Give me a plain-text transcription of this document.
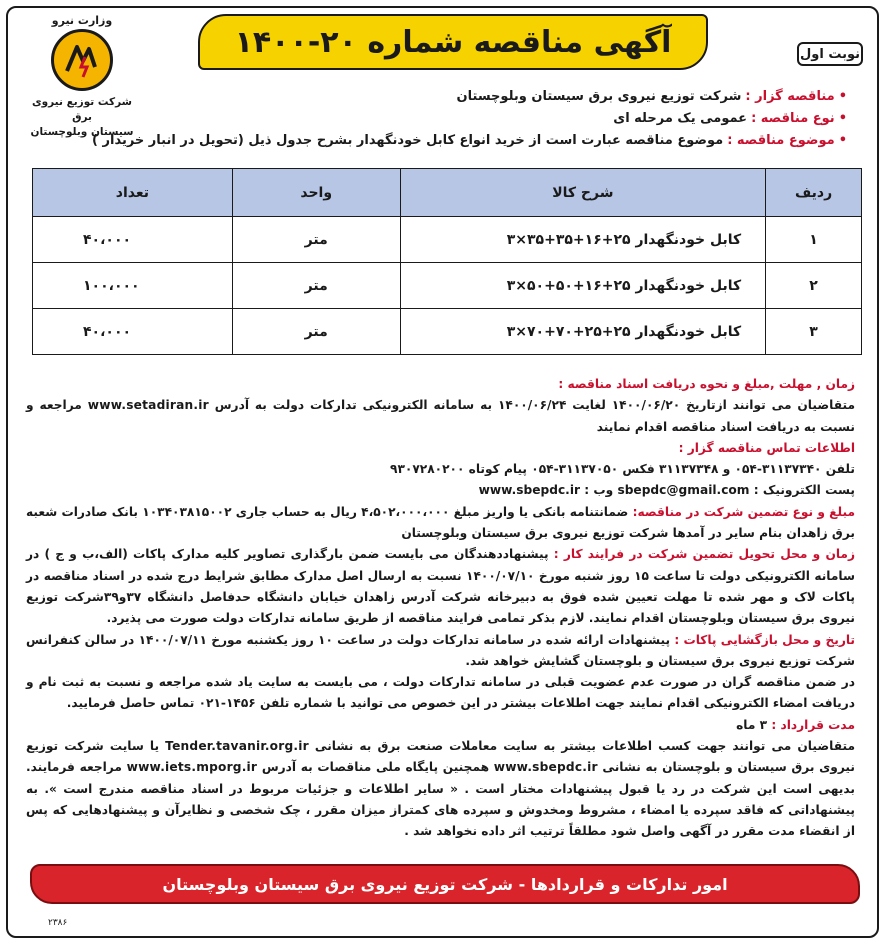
آگهی مناقصه شماره ۲۰-۱۴۰۰	نوبت اول
وزارت نیرو
شرکت توزیع نیروی برق
سیستان وبلوچستان
•
مناقصه گزار :
شرکت توزیع نیروی برق سیستان وبلوچستان
•
نوع مناقصه :
عمومی یک مرحله ای
•
موضوع مناقصه :
موضوع مناقصه عبارت است از خرید انواع کابل خودنگهدار بشرح جدول ذیل (تحویل در انبار خریدار )
ردیف	شرح کالا	واحد	تعداد
۱	کابل خودنگهدار ۲۵+۱۶+۳۵+۳۵×۳	متر	۴۰،۰۰۰
۲	کابل خودنگهدار ۲۵+۱۶+۵۰+۵۰×۳	متر	۱۰۰،۰۰۰
۳	کابل خودنگهدار ۲۵+۲۵+۷۰+۷۰×۳	متر	۴۰،۰۰۰

زمان , مهلت ,مبلغ و نحوه دریافت اسناد مناقصه :

متقاضیان می توانند ازتاریخ ۱۴۰۰/۰۶/۲۰ لغایت ۱۴۰۰/۰۶/۲۴ به سامانه الکترونیکی تدارکات دولت به آدرس www.setadiran.ir مراجعه و نسبت به دریافت اسناد مناقصه اقدام نمایند

اطلاعات تماس مناقصه گزار :

تلفن ۳۱۱۳۷۳۴۰-۰۵۴ و ۳۱۱۳۷۳۴۸ فکس ۳۱۱۳۷۰۵۰-۰۵۴ پیام کوتاه ۹۳۰۷۲۸۰۲۰۰

پست الکترونیک : sbepdc@gmail.com وب : www.sbepdc.ir

مبلغ و نوع تضمین شرکت در مناقصه: ضمانتنامه بانکی یا واریز مبلغ ۴،۵۰۲،۰۰۰،۰۰۰ ریال به حساب جاری ۱۰۳۴۰۳۸۱۵۰۰۲ بانک صادرات شعبه برق زاهدان بنام سایر در آمدها شرکت توزیع نیروی برق سیستان وبلوچستان

زمان و محل تحویل تضمین شرکت در فرایند کار : پیشنهاددهندگان می بایست ضمن بارگذاری تصاویر کلیه مدارک پاکات (الف،ب و ج ) در سامانه الکترونیکی دولت تا ساعت ۱۵ روز شنبه مورخ ۱۴۰۰/۰۷/۱۰ نسبت به ارسال اصل مدارک مطابق شرایط درج شده در اسناد مناقصه در پاکات لاک و مهر شده تا مهلت تعیین شده فوق به دبیرخانه شرکت آدرس زاهدان خیابان دانشگاه حدفاصل دانشگاه ۳۷و۳۹شرکت توزیع نیروی برق سیستان وبلوچستان اقدام نمایند. لازم بذکر تمامی فرایند مناقصه از طریق سامانه تدارکات دولت صورت می پذیرد.

تاریخ و محل بازگشایی پاکات : پیشنهادات ارائه شده در سامانه تدارکات دولت در ساعت ۱۰ روز یکشنبه مورخ ۱۴۰۰/۰۷/۱۱ در سالن کنفرانس شرکت توزیع نیروی برق سیستان و بلوچستان گشایش خواهد شد.

در ضمن مناقصه گران در صورت عدم عضویت قبلی در سامانه تدارکات دولت ، می بایست به سایت یاد شده مراجعه و نسبت به ثبت نام و دریافت امضاء الکترونیکی اقدام نمایند جهت اطلاعات بیشتر در این خصوص می توانید با شماره تلفن ۱۴۵۶-۰۲۱ تماس حاصل فرمایید.

مدت قرارداد : ۳ ماه

متقاضیان می توانند جهت کسب اطلاعات بیشتر به سایت معاملات صنعت برق به نشانی Tender.tavanir.org.ir یا سایت شرکت توزیع نیروی برق سیستان و بلوچستان به نشانی www.sbepdc.ir همچنین پایگاه ملی مناقصات به آدرس www.iets.mporg.ir مراجعه فرمایند. بدیهی است این شرکت در رد یا قبول پیشنهادات مختار است . « سایر اطلاعات و جزئیات مربوط در اسناد مناقصه مندرج است ». به پیشنهاداتی که فاقد سپرده یا امضاء ، مشروط ومخدوش و سپرده های کمتراز میزان مقرر ، چک شخصی و نظایرآن و پیشنهادهایی که پس از انقضاء مدت مقرر در آگهی واصل شود مطلقاً ترتیب اثر داده نخواهد شد .

امور تدارکات و قراردادها - شرکت توزیع نیروی برق سیستان وبلوچستان
۲۳۸۶
